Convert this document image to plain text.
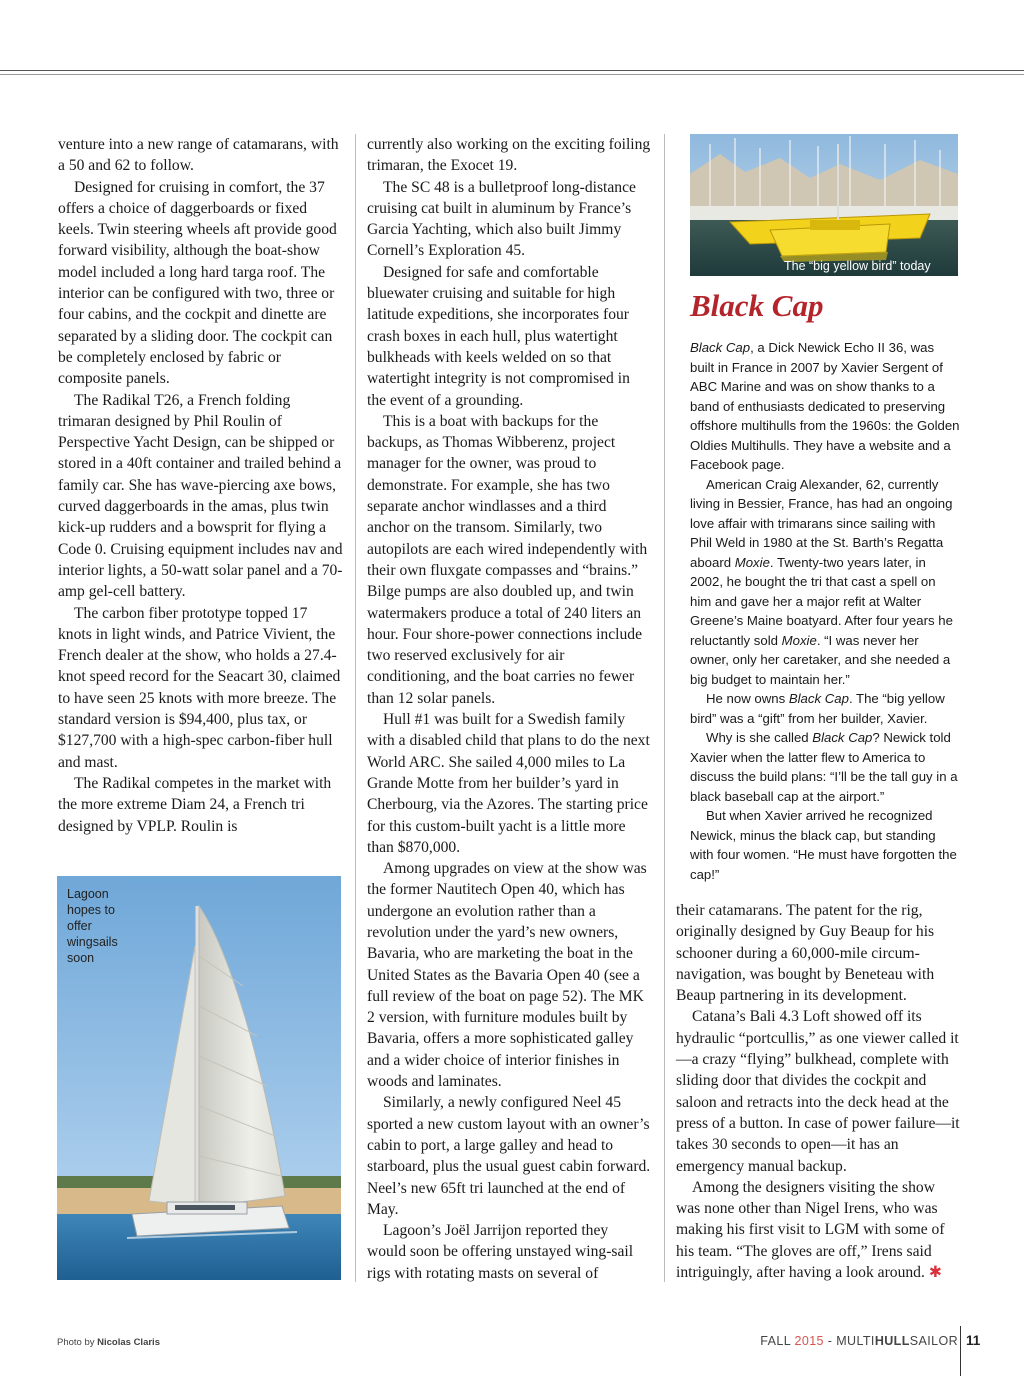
venture into a new range of catamarans, with a 50 and 62 to follow.

Designed for cruising in comfort, the 37 offers a choice of daggerboards or fixed keels. Twin steering wheels aft provide good forward visibility, although the boat-show model included a long hard targa roof. The interior can be configured with two, three or four cabins, and the cockpit and dinette are separated by a sliding door. The cockpit can be completely enclosed by fabric or composite panels.

The Radikal T26, a French folding trimaran designed by Phil Roulin of Perspective Yacht Design, can be shipped or stored in a 40ft container and trailed behind a family car. She has wave-piercing axe bows, curved daggerboards in the amas, plus twin kick-up rudders and a bowsprit for flying a Code 0. Cruising equipment includes nav and interior lights, a 50-watt solar panel and a 70-amp gel-cell battery.

The carbon fiber prototype topped 17 knots in light winds, and Patrice Vivient, the French dealer at the show, who holds a 27.4-knot speed record for the Seacart 30, claimed to have seen 25 knots with more breeze. The standard version is $94,400, plus tax, or $127,700 with a high-spec carbon-fiber hull and mast.

The Radikal competes in the market with the more extreme Diam 24, a French tri designed by VPLP. Roulin is

Lagoon hopes to offer wingsails soon

currently also working on the exciting foiling trimaran, the Exocet 19.

The SC 48 is a bulletproof long-distance cruising cat built in aluminum by France’s Garcia Yachting, which also built Jimmy Cornell’s Exploration 45.

Designed for safe and comfortable bluewater cruising and suitable for high latitude expeditions, she incorporates four crash boxes in each hull, plus watertight bulkheads with keels welded on so that watertight integrity is not compromised in the event of a grounding.

This is a boat with backups for the backups, as Thomas Wibberenz, project manager for the owner, was proud to demonstrate. For example, she has two separate anchor windlasses and a third anchor on the transom. Similarly, two autopilots are each wired independently with their own fluxgate compasses and “brains.” Bilge pumps are also doubled up, and twin watermakers produce a total of 240 liters an hour. Four shore-power connections include two reserved exclusively for air conditioning, and the boat carries no fewer than 12 solar panels.

Hull #1 was built for a Swedish family with a disabled child that plans to do the next World ARC. She sailed 4,000 miles to La Grande Motte from her builder’s yard in Cherbourg, via the Azores. The starting price for this custom-built yacht is a little more than $870,000.

Among upgrades on view at the show was the former Nautitech Open 40, which has undergone an evolution rather than a revolution under the yard’s new owners, Bavaria, who are marketing the boat in the United States as the Bavaria Open 40 (see a full review of the boat on page 52). The MK 2 version, with furniture modules built by Bavaria, offers a more sophisticated galley and a wider choice of interior finishes in woods and laminates.

Similarly, a newly configured Neel 45 sported a new custom layout with an owner’s cabin to port, a large galley and head to starboard, plus the usual guest cabin forward. Neel’s new 65ft tri launched at the end of May.

Lagoon’s Joël Jarrijon reported they would soon be offering unstayed wing-sail rigs with rotating masts on several of

The “big yellow bird” today
Black Cap

Black Cap, a Dick Newick Echo II 36, was built in France in 2007 by Xavier Sergent of ABC Marine and was on show thanks to a band of enthusiasts dedicated to preserving offshore multihulls from the 1960s: the Golden Oldies Multihulls. They have a website and a Facebook page.

American Craig Alexander, 62, currently living in Bessier, France, has had an ongoing love affair with trimarans since sailing with Phil Weld in 1980 at the St. Barth’s Regatta aboard Moxie. Twenty-two years later, in 2002, he bought the tri that cast a spell on him and gave her a major refit at Walter Greene’s Maine boatyard. After four years he reluctantly sold Moxie. “I was never her owner, only her caretaker, and she needed a big budget to maintain her.”

He now owns Black Cap. The “big yellow bird” was a “gift” from her builder, Xavier.

Why is she called Black Cap? Newick told Xavier when the latter flew to America to discuss the build plans: “I’ll be the tall guy in a black baseball cap at the airport.”

But when Xavier arrived he recognized Newick, minus the black cap, but standing with four women. “He must have forgotten the cap!”

their catamarans. The patent for the rig, originally designed by Guy Beaup for his schooner during a 60,000-mile circum-navigation, was bought by Beneteau with Beaup partnering in its development.

Catana’s Bali 4.3 Loft showed off its hydraulic “portcullis,” as one viewer called it—a crazy “flying” bulkhead, complete with sliding door that divides the cockpit and saloon and retracts into the deck head at the press of a button. In case of power failure—it takes 30 seconds to open—it has an emergency manual backup.

Among the designers visiting the show was none other than Nigel Irens, who was making his first visit to LGM with some of his team. “The gloves are off,” Irens said intriguingly, after having a look around. ✱

Photo by Nicolas Claris	FALL 2015 - MULTIHULLSAILOR 11
